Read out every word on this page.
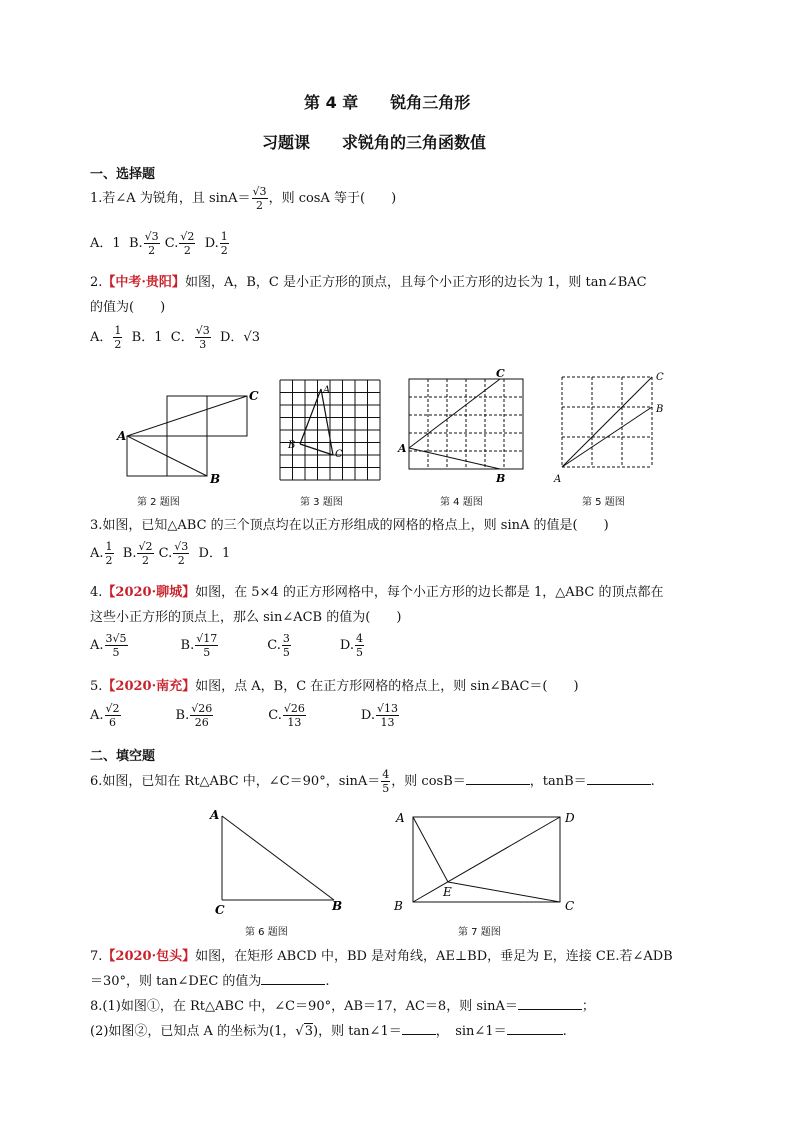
第 4 章　　锐角三角形
习题课　　求锐角的三角函数值
一、选择题
1.若∠A 为锐角，且 $\sin A= \frac{√3}{2}$ ，则 cosA 等于(　　)
A．1 B. $\frac{√3}{2} C$. $\frac{√2}{2} D$. $\frac{1}{2}$
2.【中考·贵阳】如图，A，B，C 是小正方形的顶点，且每个小正方形的边长为 1，则 tan∠BAC
的值为(　　)
A． $\frac{1}{2}$ B．1 C． $\frac{√3}{3}$ D．√3
A
B
C
第 2 题图
A
B
C
第 3 题图
A
B
C
第 4 题图
A
B
C
第 5 题图
3.如图，已知△ABC 的三个顶点均在以正方形组成的网格的格点上，则 sinA 的值是(　　)
A. $\frac{1}{2} B$. $\frac{√2}{2} C$. $\frac{√3}{2}$ D．1
4.【2020·聊城】如图，在 5×4 的正方形网格中，每个小正方形的边长都是 1，△ABC 的顶点都在
这些小正方形的顶点上，那么 sin∠ACB 的值为(　　)
A. $\frac{3√5}{5}$	B. $\frac{√17}{5}$	C. $\frac{3}{5}$	D. $\frac{4}{5}$
5.【2020·南充】如图，点 A，B，C 在正方形网格的格点上，则 sin∠BAC＝(　　)
A. $\frac{√2}{6}$	B. $\frac{√26}{26}$	C. $\frac{√26}{13}$	D. $\frac{√13}{13}$
二、填空题
6.如图，已知在 Rt△ABC 中，∠C＝90°，$\sin A= \frac{4}{5}$ ，则 cosB＝	，tanB＝	.
A
C	B
第 6 题图
A	D
B	C
E
第 7 题图
7.【2020·包头】如图，在矩形 ABCD 中，BD 是对角线，AE⊥BD，垂足为 E，连接 CE.若∠ADB
＝30°，则 tan∠DEC 的值为	.
8.(1)如图①，在 Rt△ABC 中，∠C＝90°，AB＝17，AC＝8，则 sinA＝	；
(2)如图②，已知点 A 的坐标为(1，√3)，则 tan∠1＝	，　sin∠1＝	.
